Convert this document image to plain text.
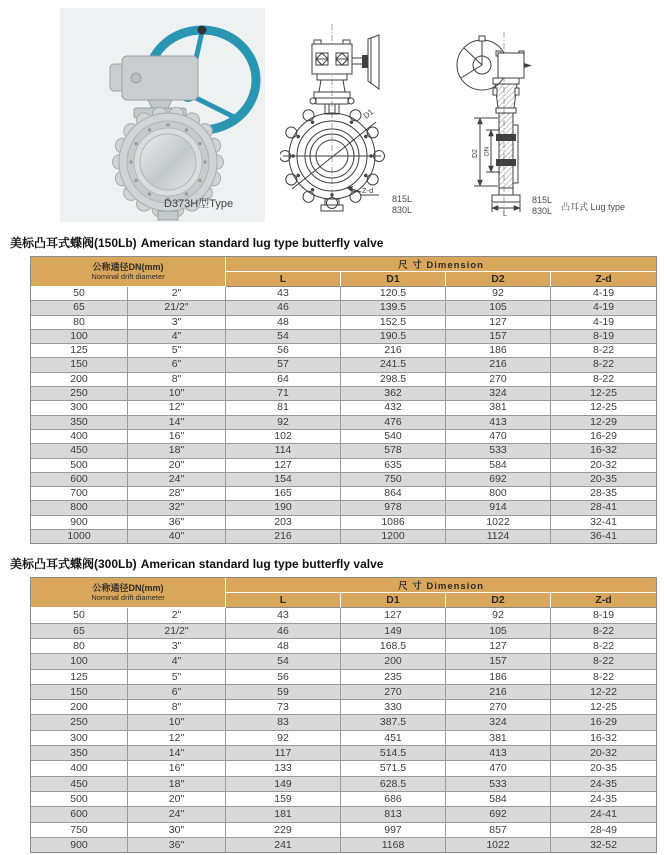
D373H型Type
D1
Z-d
815L
830L
D2 DN
L
815L
830L 凸耳式 Lug type
美标凸耳式蝶阀(150Lb) American standard lug type butterfly valve
公称通径DN(mm)
Nominal drift diameter		尺 寸 Dimension			
		L	D1	D2	Z-d
50	2"	43	120.5	92	4-19
65	21/2"	46	139.5	105	4-19
80	3"	48	152.5	127	4-19
100	4"	54	190.5	157	8-19
125	5"	56	216	186	8-22
150	6"	57	241.5	216	8-22
200	8"	64	298.5	270	8-22
250	10"	71	362	324	12-25
300	12"	81	432	381	12-25
350	14"	92	476	413	12-29
400	16"	102	540	470	16-29
450	18"	114	578	533	16-32
500	20"	127	635	584	20-32
600	24"	154	750	692	20-35
700	28"	165	864	800	28-35
800	32"	190	978	914	28-41
900	36"	203	1086	1022	32-41
1000	40"	216	1200	1124	36-41
美标凸耳式蝶阀(300Lb) American standard lug type butterfly valve
公称通径DN(mm)
Nominal drift diameter		尺 寸 Dimension			
		L	D1	D2	Z-d
50	2"	43	127	92	8-19
65	21/2"	46	149	105	8-22
80	3"	48	168.5	127	8-22
100	4"	54	200	157	8-22
125	5"	56	235	186	8-22
150	6"	59	270	216	12-22
200	8"	73	330	270	12-25
250	10"	83	387.5	324	16-29
300	12"	92	451	381	16-32
350	14"	117	514.5	413	20-32
400	16"	133	571.5	470	20-35
450	18"	149	628.5	533	24-35
500	20"	159	686	584	24-35
600	24"	181	813	692	24-41
750	30"	229	997	857	28-49
900	36"	241	1168	1022	32-52
